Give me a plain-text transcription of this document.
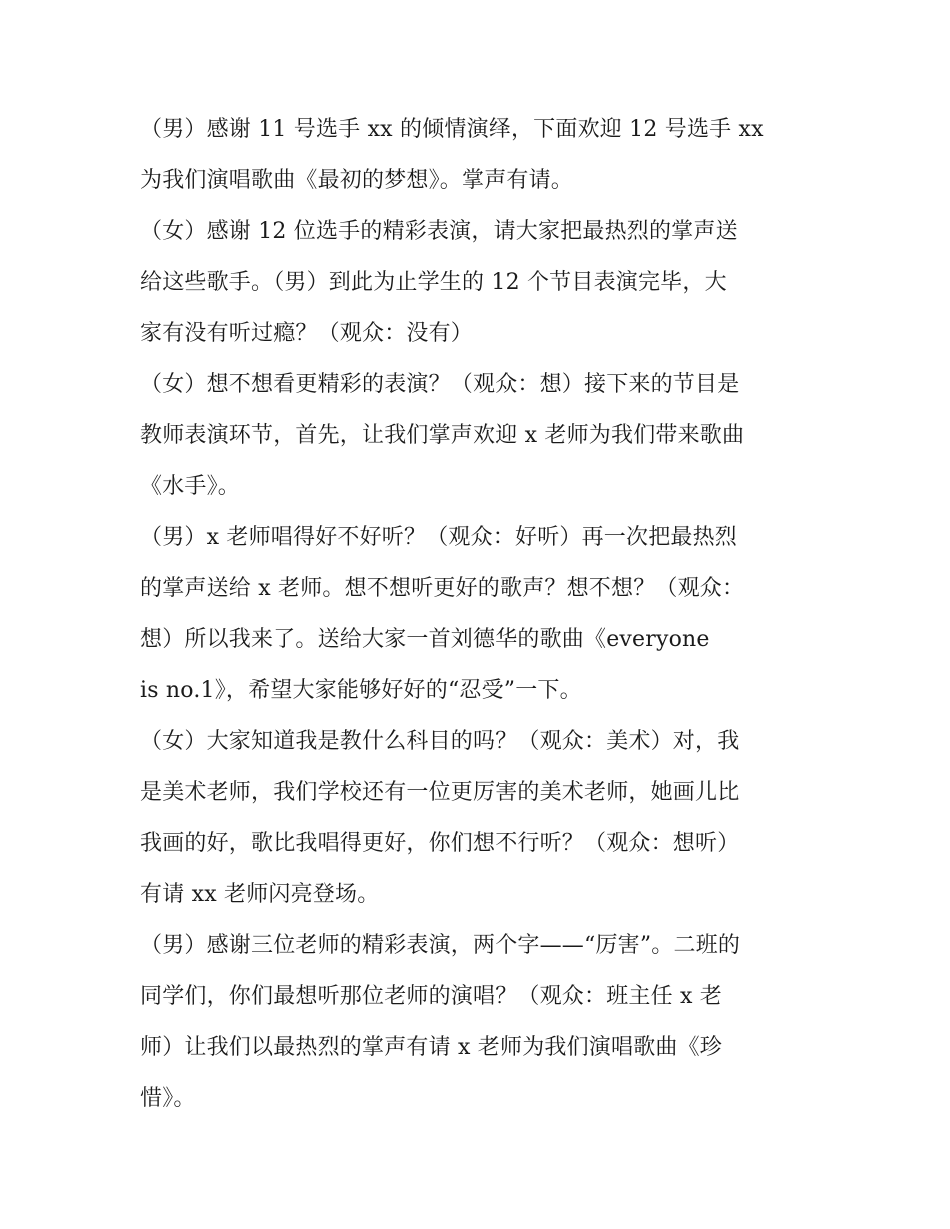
（男）感谢 11 号选手 xx 的倾情演绎，下面欢迎 12 号选手 xx
为我们演唱歌曲《最初的梦想》。掌声有请。
（女）感谢 12 位选手的精彩表演，请大家把最热烈的掌声送
给这些歌手。（男）到此为止学生的 12 个节目表演完毕，大
家有没有听过瘾？（观众：没有）
（女）想不想看更精彩的表演？（观众：想）接下来的节目是
教师表演环节，首先，让我们掌声欢迎 x 老师为我们带来歌曲
《水手》。
（男）x 老师唱得好不好听？（观众：好听）再一次把最热烈
的掌声送给 x 老师。想不想听更好的歌声？想不想？（观众：
想）所以我来了。送给大家一首刘德华的歌曲《everyone
is no.1》，希望大家能够好好的“忍受”一下。
（女）大家知道我是教什么科目的吗？（观众：美术）对，我
是美术老师，我们学校还有一位更厉害的美术老师，她画儿比
我画的好，歌比我唱得更好，你们想不行听？（观众：想听）
有请 xx 老师闪亮登场。
（男）感谢三位老师的精彩表演，两个字——“厉害”。二班的
同学们，你们最想听那位老师的演唱？（观众：班主任 x 老
师）让我们以最热烈的掌声有请 x 老师为我们演唱歌曲《珍
惜》。
